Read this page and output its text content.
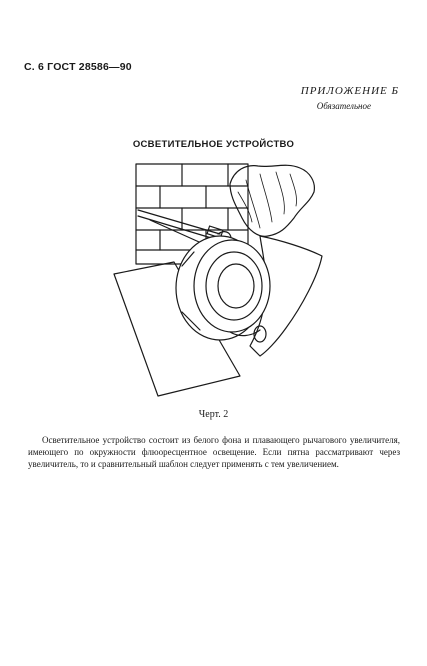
С. 6 ГОСТ 28586—90
ПРИЛОЖЕНИЕ Б
Обязательное
ОСВЕТИТЕЛЬНОЕ УСТРОЙСТВО
Черт. 2
Осветительное устройство состоит из белого фона и плавающего рычагового увеличителя, имеющего по окружности флюоресцентное освещение. Если пятна рассматривают через увеличитель, то и сравнительный шаблон следует применять с тем увеличением.
